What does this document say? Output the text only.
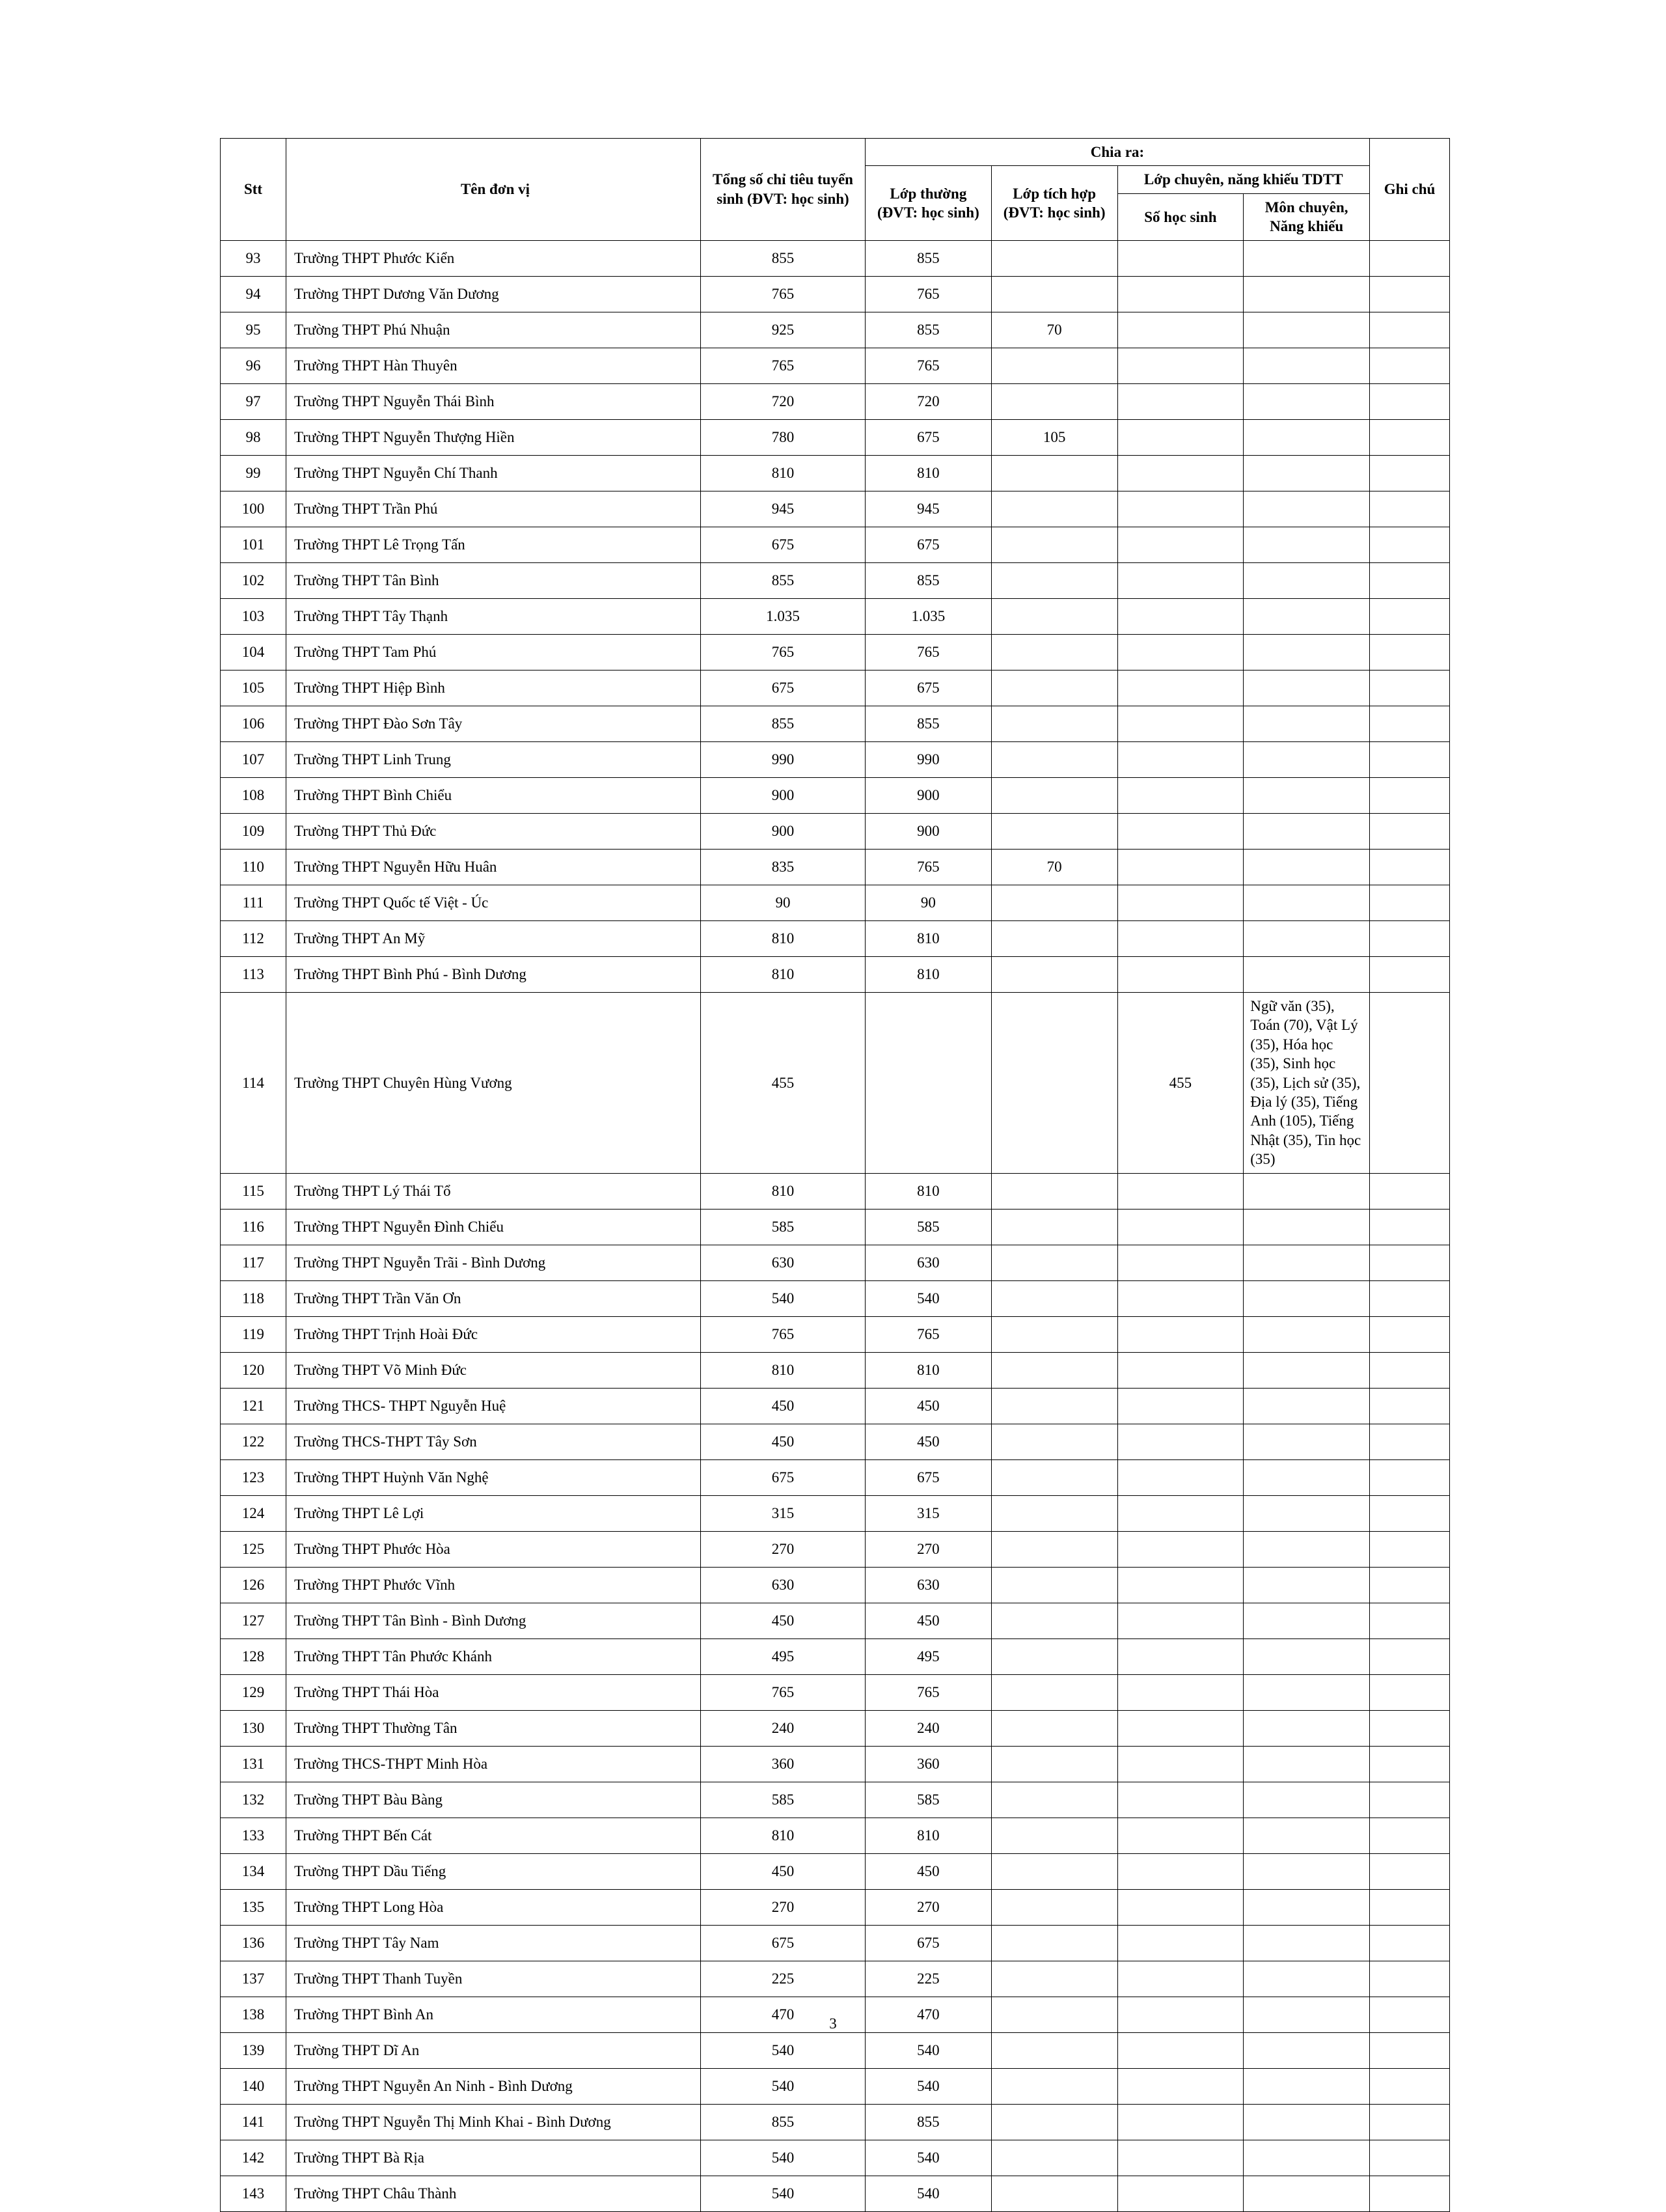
Stt	Tên đơn vị	Tổng số chỉ tiêu tuyển sinh (ĐVT: học sinh)	Chia ra:				Ghi chú
			Lớp thường (ĐVT: học sinh)	Lớp tích hợp (ĐVT: học sinh)	Lớp chuyên, năng khiếu TDTT		
					Số học sinh	Môn chuyên, Năng khiếu	
93	Trường THPT Phước Kiển	855	855				
94	Trường THPT Dương Văn Dương	765	765				
95	Trường THPT Phú Nhuận	925	855	70			
96	Trường THPT Hàn Thuyên	765	765				
97	Trường THPT Nguyễn Thái Bình	720	720				
98	Trường THPT Nguyễn Thượng Hiền	780	675	105			
99	Trường THPT Nguyễn Chí Thanh	810	810				
100	Trường THPT Trần Phú	945	945				
101	Trường THPT Lê Trọng Tấn	675	675				
102	Trường THPT Tân Bình	855	855				
103	Trường THPT Tây Thạnh	1.035	1.035				
104	Trường THPT Tam Phú	765	765				
105	Trường THPT Hiệp Bình	675	675				
106	Trường THPT Đào Sơn Tây	855	855				
107	Trường THPT Linh Trung	990	990				
108	Trường THPT Bình Chiểu	900	900				
109	Trường THPT Thủ Đức	900	900				
110	Trường THPT Nguyễn Hữu Huân	835	765	70			
111	Trường THPT Quốc tế Việt - Úc	90	90				
112	Trường THPT An Mỹ	810	810				
113	Trường THPT Bình Phú - Bình Dương	810	810				
114	Trường THPT Chuyên Hùng Vương	455			455	Ngữ văn (35), Toán (70), Vật Lý (35), Hóa học (35), Sinh học (35), Lịch sử (35), Địa lý (35), Tiếng Anh (105), Tiếng Nhật (35), Tin học (35)	
115	Trường THPT Lý Thái Tổ	810	810				
116	Trường THPT Nguyễn Đình Chiểu	585	585				
117	Trường THPT Nguyễn Trãi - Bình Dương	630	630				
118	Trường THPT Trần Văn Ơn	540	540				
119	Trường THPT Trịnh Hoài Đức	765	765				
120	Trường THPT Võ Minh Đức	810	810				
121	Trường THCS- THPT Nguyễn Huệ	450	450				
122	Trường THCS-THPT Tây Sơn	450	450				
123	Trường THPT Huỳnh Văn Nghệ	675	675				
124	Trường THPT Lê Lợi	315	315				
125	Trường THPT Phước Hòa	270	270				
126	Trường THPT Phước Vĩnh	630	630				
127	Trường THPT Tân Bình - Bình Dương	450	450				
128	Trường THPT Tân Phước Khánh	495	495				
129	Trường THPT Thái Hòa	765	765				
130	Trường THPT Thường Tân	240	240				
131	Trường THCS-THPT Minh Hòa	360	360				
132	Trường THPT Bàu Bàng	585	585				
133	Trường THPT Bến Cát	810	810				
134	Trường THPT Dầu Tiếng	450	450				
135	Trường THPT Long Hòa	270	270				
136	Trường THPT Tây Nam	675	675				
137	Trường THPT Thanh Tuyền	225	225				
138	Trường THPT Bình An	470	470				
139	Trường THPT Dĩ An	540	540				
140	Trường THPT Nguyễn An Ninh - Bình Dương	540	540				
141	Trường THPT Nguyễn Thị Minh Khai - Bình Dương	855	855				
142	Trường THPT Bà Rịa	540	540				
143	Trường THPT Châu Thành	540	540				
3
